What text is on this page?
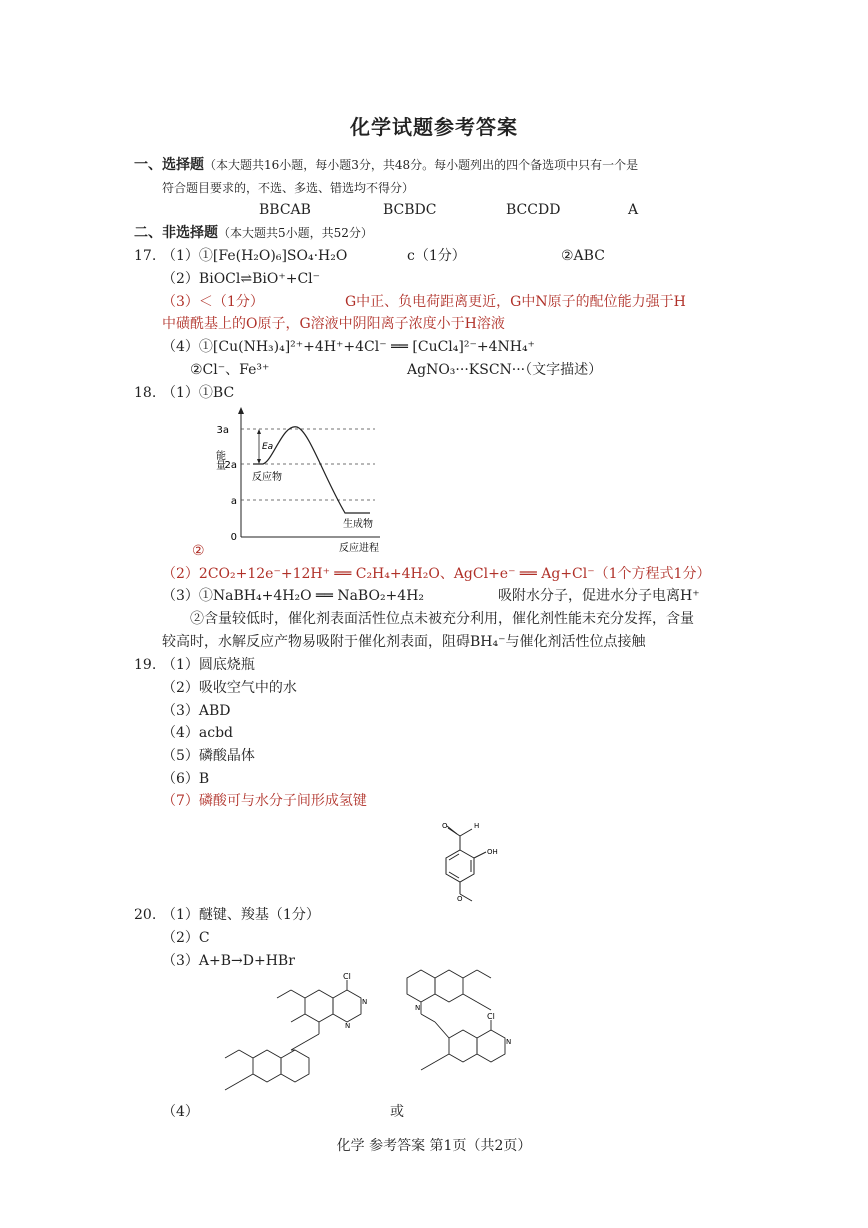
化学试题参考答案
一、选择题（本大题共16小题，每小题3分，共48分。每小题列出的四个备选项中只有一个是
符合题目要求的，不选、多选、错选均不得分）
BBCAB	BCBDC	BCCDD	A
二、非选择题（本大题共5小题，共52分）
17. （1）①[Fe(H₂O)₆]SO₄·H₂O	c（1分）	②ABC
（2）BiOCl⇌BiO⁺+Cl⁻
（3）＜（1分）	G中正、负电荷距离更近，G中N原子的配位能力强于H
中磺酰基上的O原子，G溶液中阴阳离子浓度小于H溶液
（4）①[Cu(NH₃)₄]²⁺+4H⁺+4Cl⁻ ══ [CuCl₄]²⁻+4NH₄⁺
②Cl⁻、Fe³⁺	AgNO₃···KSCN···（文字描述）
18. （1）①BC
Ea
3a
2a
a
0
能量
反应物
生成物
反应进程
②
（2）2CO₂+12e⁻+12H⁺ ══ C₂H₄+4H₂O、AgCl+e⁻ ══ Ag+Cl⁻（1个方程式1分）
（3）①NaBH₄+4H₂O ══ NaBO₂+4H₂	吸附水分子，促进水分子电离H⁺
②含量较低时，催化剂表面活性位点未被充分利用，催化剂性能未充分发挥，含量
较高时，水解反应产物易吸附于催化剂表面，阻碍BH₄⁻与催化剂活性位点接触
19. （1）圆底烧瓶
（2）吸收空气中的水
（3）ABD
（4）acbd
（5）磷酸晶体
（6）B
（7）磷酸可与水分子间形成氢键
O	H
OH
O
20. （1）醚键、羧基（1分）
（2）C
（3）A+B→D+HBr
Cl
N
N
N
Cl
N
（4）	或
化学 参考答案 第1页（共2页）
